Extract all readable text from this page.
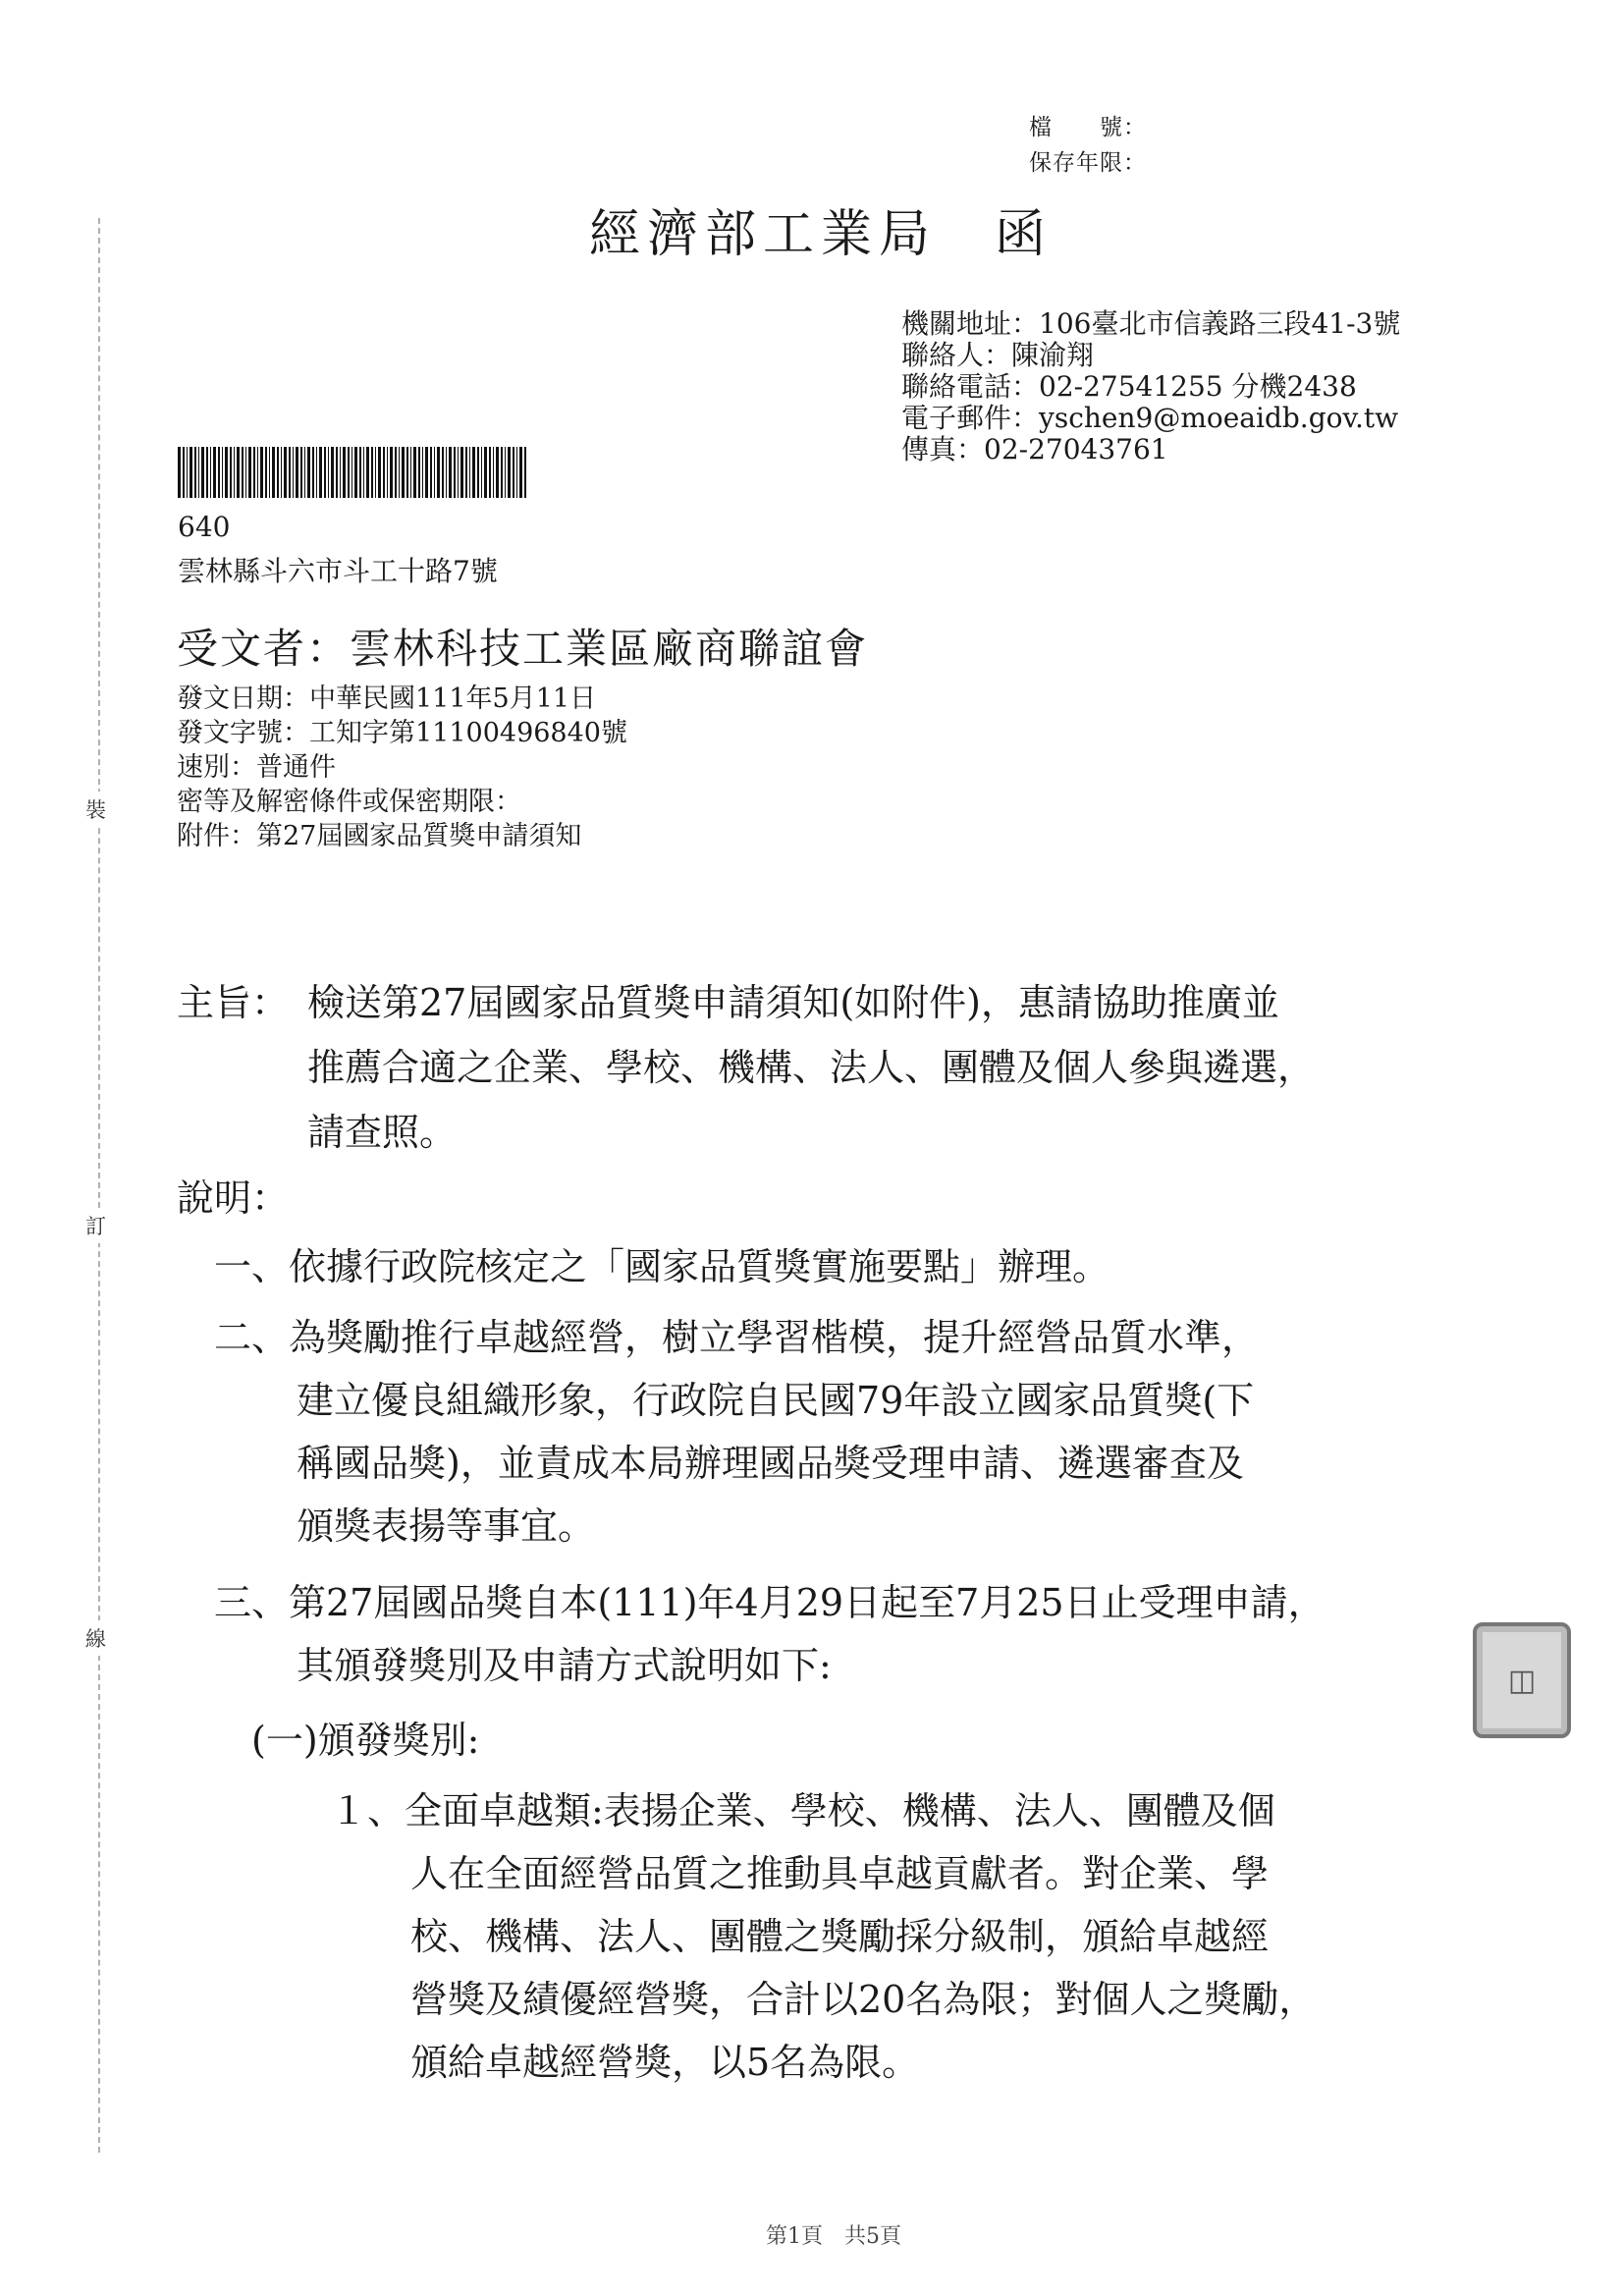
裝
訂
線
檔　　號：
保存年限：
經濟部工業局　函
機關地址：106臺北市信義路三段41-3號
聯絡人：陳渝翔
聯絡電話：02-27541255 分機2438
電子郵件：yschen9@moeaidb.gov.tw
傳真：02-27043761
640
雲林縣斗六市斗工十路7號
受文者：雲林科技工業區廠商聯誼會
發文日期：中華民國111年5月11日
發文字號：工知字第11100496840號
速別：普通件
密等及解密條件或保密期限：
附件：第27屆國家品質獎申請須知
主旨： 檢送第27屆國家品質獎申請須知(如附件)，惠請協助推廣並
推薦合適之企業、學校、機構、法人、團體及個人參與遴選，
請查照。
說明：
一、依據行政院核定之「國家品質獎實施要點」辦理。
二、為獎勵推行卓越經營，樹立學習楷模，提升經營品質水準，
建立優良組織形象，行政院自民國79年設立國家品質獎(下
稱國品獎)，並責成本局辦理國品獎受理申請、遴選審查及
頒獎表揚等事宜。
三、第27屆國品獎自本(111)年4月29日起至7月25日止受理申請，
其頒發獎別及申請方式說明如下:
(一)頒發獎別:
１、全面卓越類:表揚企業、學校、機構、法人、團體及個
人在全面經營品質之推動具卓越貢獻者。對企業、學
校、機構、法人、團體之獎勵採分級制，頒給卓越經
營獎及績優經營獎，合計以20名為限；對個人之獎勵，
頒給卓越經營獎，以5名為限。
◫
第1頁　共5頁
